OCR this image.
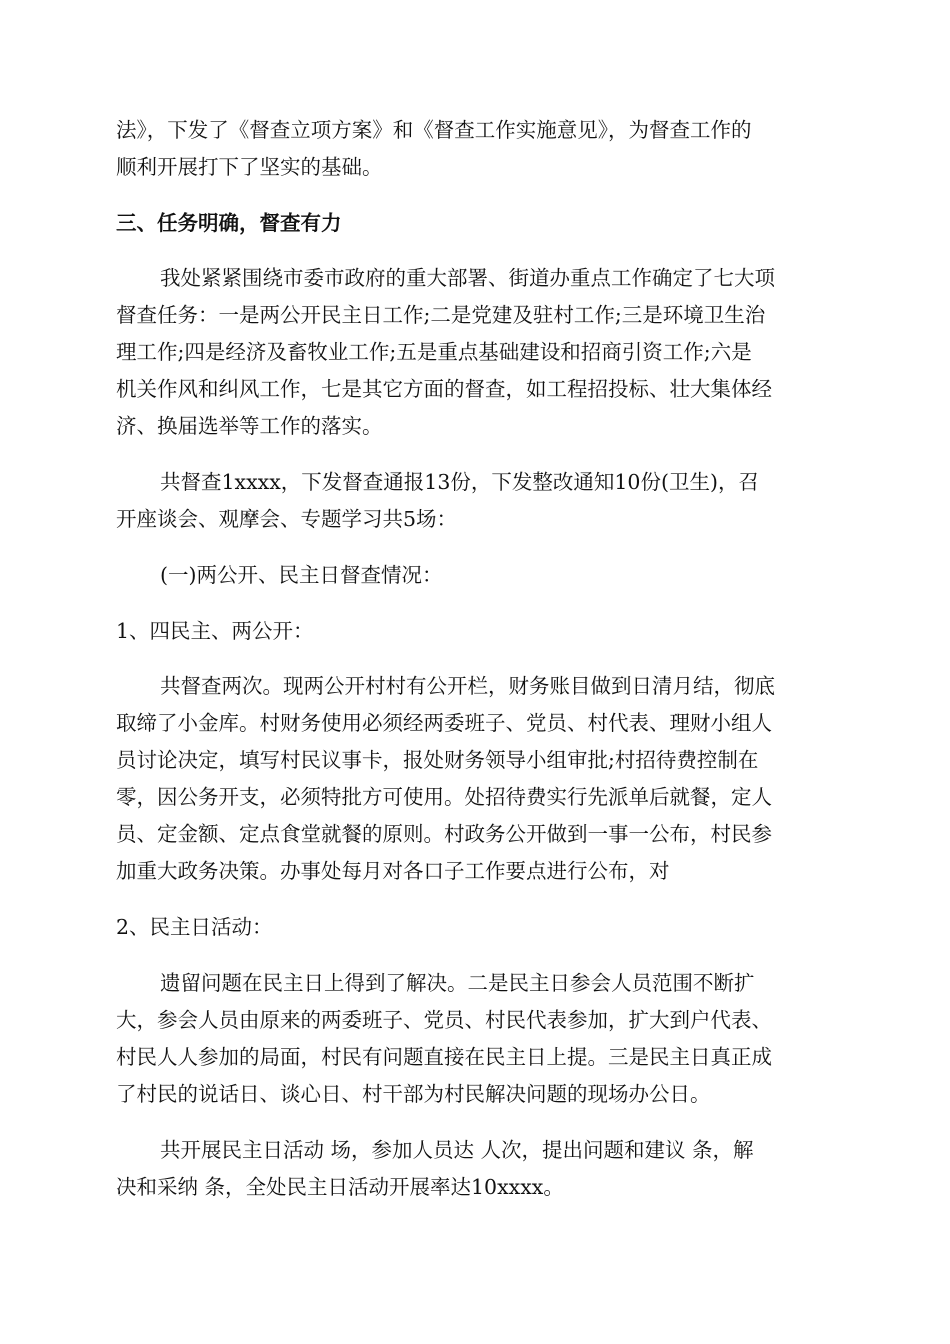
法》，下发了《督查立项方案》和《督查工作实施意见》，为督查工作的
顺利开展打下了坚实的基础。
三、任务明确，督查有力
我处紧紧围绕市委市政府的重大部署、街道办重点工作确定了七大项
督查任务：一是两公开民主日工作;二是党建及驻村工作;三是环境卫生治
理工作;四是经济及畜牧业工作;五是重点基础建设和招商引资工作;六是
机关作风和纠风工作，七是其它方面的督查，如工程招投标、壮大集体经
济、换届选举等工作的落实。
共督查1xxxx，下发督查通报13份，下发整改通知10份(卫生)，召
开座谈会、观摩会、专题学习共5场：
(一)两公开、民主日督查情况：
1、四民主、两公开：
共督查两次。现两公开村村有公开栏，财务账目做到日清月结，彻底
取缔了小金库。村财务使用必须经两委班子、党员、村代表、理财小组人
员讨论决定，填写村民议事卡，报处财务领导小组审批;村招待费控制在
零，因公务开支，必须特批方可使用。处招待费实行先派单后就餐，定人
员、定金额、定点食堂就餐的原则。村政务公开做到一事一公布，村民参
加重大政务决策。办事处每月对各口子工作要点进行公布，对
2、民主日活动：
遗留问题在民主日上得到了解决。二是民主日参会人员范围不断扩
大，参会人员由原来的两委班子、党员、村民代表参加，扩大到户代表、
村民人人参加的局面，村民有问题直接在民主日上提。三是民主日真正成
了村民的说话日、谈心日、村干部为村民解决问题的现场办公日。
共开展民主日活动 场，参加人员达 人次，提出问题和建议 条，解
决和采纳 条，全处民主日活动开展率达10xxxx。
